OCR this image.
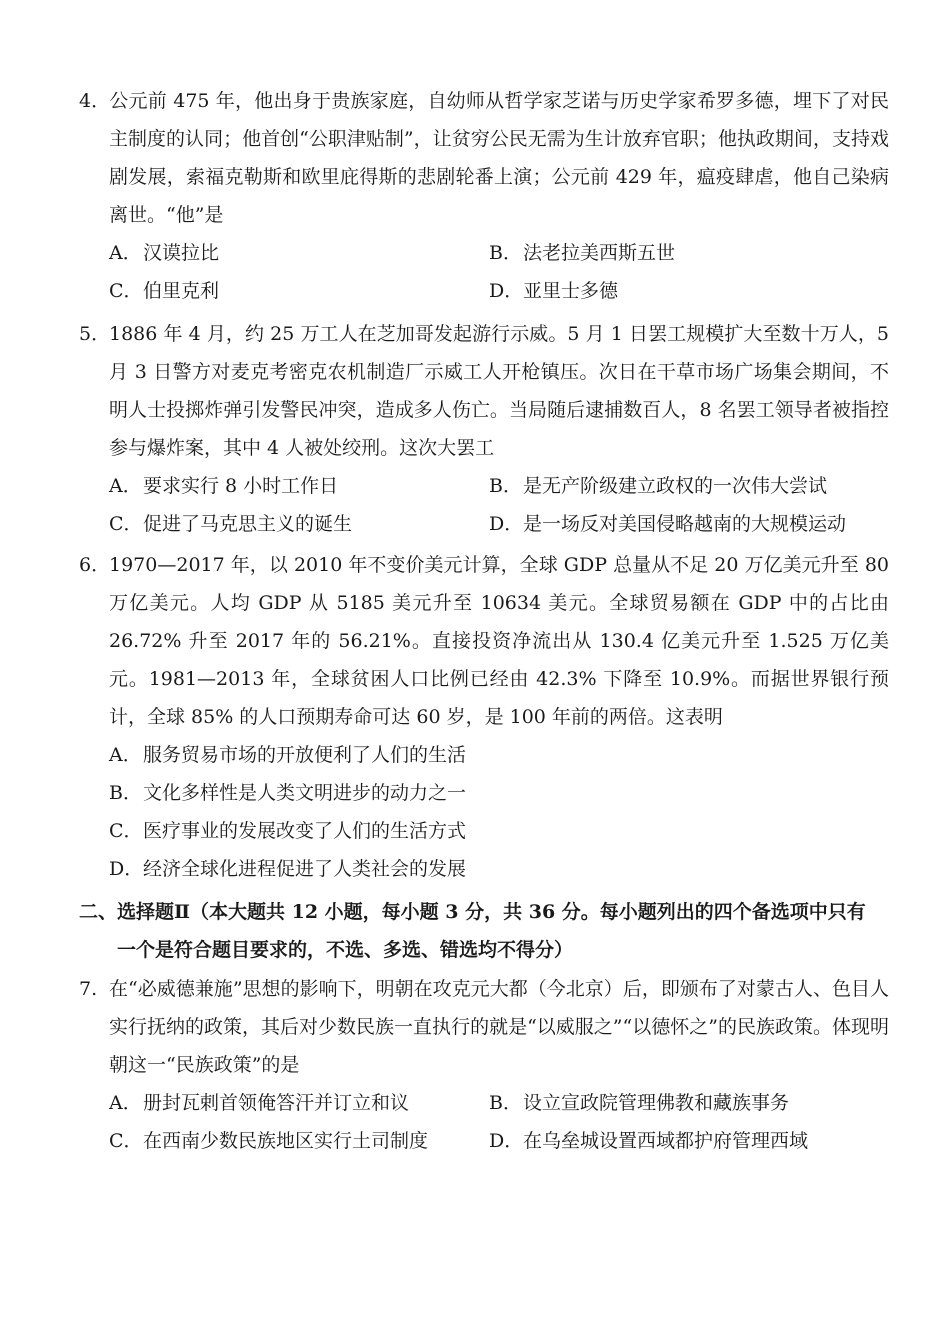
4．公元前 475 年，他出身于贵族家庭，自幼师从哲学家芝诺与历史学家希罗多德，埋下了对民主制度的认同；他首创“公职津贴制”，让贫穷公民无需为生计放弃官职；他执政期间，支持戏剧发展，索福克勒斯和欧里庇得斯的悲剧轮番上演；公元前 429 年，瘟疫肆虐，他自己染病离世。“他”是

A．汉谟拉比	B．法老拉美西斯五世
C．伯里克利	D．亚里士多德

5．1886 年 4 月，约 25 万工人在芝加哥发起游行示威。5 月 1 日罢工规模扩大至数十万人，5 月 3 日警方对麦克考密克农机制造厂示威工人开枪镇压。次日在干草市场广场集会期间，不明人士投掷炸弹引发警民冲突，造成多人伤亡。当局随后逮捕数百人，8 名罢工领导者被指控参与爆炸案，其中 4 人被处绞刑。这次大罢工

A．要求实行 8 小时工作日	B．是无产阶级建立政权的一次伟大尝试
C．促进了马克思主义的诞生	D．是一场反对美国侵略越南的大规模运动

6．1970—2017 年，以 2010 年不变价美元计算，全球 GDP 总量从不足 20 万亿美元升至 80 万亿美元。人均 GDP 从 5185 美元升至 10634 美元。全球贸易额在 GDP 中的占比由 26.72% 升至 2017 年的 56.21%。直接投资净流出从 130.4 亿美元升至 1.525 万亿美元。1981—2013 年，全球贫困人口比例已经由 42.3% 下降至 10.9%。而据世界银行预计，全球 85% 的人口预期寿命可达 60 岁，是 100 年前的两倍。这表明

A．服务贸易市场的开放便利了人们的生活
B．文化多样性是人类文明进步的动力之一
C．医疗事业的发展改变了人们的生活方式
D．经济全球化进程促进了人类社会的发展
二、选择题Ⅱ（本大题共 12 小题，每小题 3 分，共 36 分。每小题列出的四个备选项中只有
一个是符合题目要求的，不选、多选、错选均不得分）

7. 在“必威德兼施”思想的影响下，明朝在攻克元大都（今北京）后，即颁布了对蒙古人、色目人实行抚纳的政策，其后对少数民族一直执行的就是“以威服之”“以德怀之”的民族政策。体现明朝这一“民族政策”的是

A．册封瓦剌首领俺答汗并订立和议	B．设立宣政院管理佛教和藏族事务
C．在西南少数民族地区实行土司制度	D．在乌垒城设置西域都护府管理西域
